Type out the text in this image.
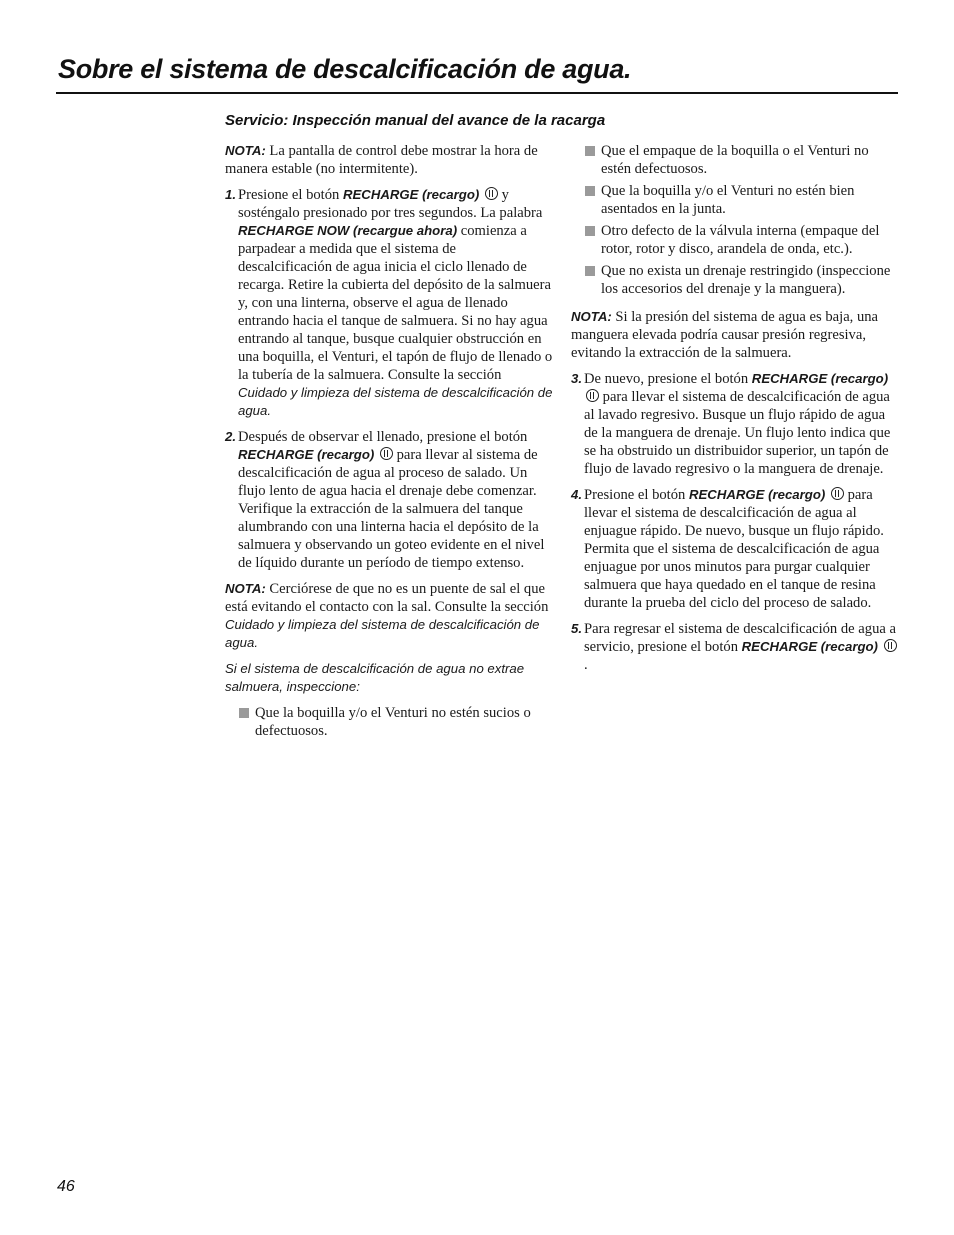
Sobre el sistema de descalcificación de agua.
Servicio: Inspección manual del avance de la racarga

NOTA: La pantalla de control debe mostrar la hora de manera estable (no intermitente).

1. Presione el botón RECHARGE (recargo)  y sosténgalo presionado por tres segundos. La palabra RECHARGE NOW (recargue ahora) comienza a parpadear a medida que el sistema de descalcificación de agua inicia el ciclo llenado de recarga. Retire la cubierta del depósito de la salmuera y, con una linterna, observe el agua de llenado entrando hacia el tanque de salmuera. Si no hay agua entrando al tanque, busque cualquier obstrucción en una boquilla, el Venturi, el tapón de flujo de llenado o la tubería de la salmuera. Consulte la sección Cuidado y limpieza del sistema de descalcificación de agua.
2. Después de observar el llenado, presione el botón RECHARGE (recargo)  para llevar al sistema de descalcificación de agua al proceso de salado. Un flujo lento de agua hacia el drenaje debe comenzar. Verifique la extracción de la salmuera del tanque alumbrando con una linterna hacia el depósito de la salmuera y observando un goteo evidente en el nivel de líquido durante un período de tiempo extenso.

NOTA: Cerciórese de que no es un puente de sal el que está evitando el contacto con la sal. Consulte la sección Cuidado y limpieza del sistema de descalcificación de agua.

Si el sistema de descalcificación de agua no extrae salmuera, inspeccione:

Que la boquilla y/o el Venturi no estén sucios o defectuosos.
Que el empaque de la boquilla o el Venturi no estén defectuosos.
Que la boquilla y/o el Venturi no estén bien asentados en la junta.
Otro defecto de la válvula interna (empaque del rotor, rotor y disco, arandela de onda, etc.).
Que no exista un drenaje restringido (inspeccione los accesorios del drenaje y la manguera).

NOTA: Si la presión del sistema de agua es baja, una manguera elevada podría causar presión regresiva, evitando la extracción de la salmuera.

3. De nuevo, presione el botón RECHARGE (recargo)  para llevar el sistema de descalcificación de agua al lavado regresivo. Busque un flujo rápido de agua de la manguera de drenaje. Un flujo lento indica que se ha obstruido un distribuidor superior, un tapón de flujo de lavado regresivo o la manguera de drenaje.
4. Presione el botón RECHARGE (recargo)  para llevar el sistema de descalcificación de agua al enjuague rápido. De nuevo, busque un flujo rápido. Permita que el sistema de descalcificación de agua enjuague por unos minutos para purgar cualquier salmuera que haya quedado en el tanque de resina durante la prueba del ciclo del proceso de salado.
5. Para regresar el sistema de descalcificación de agua a servicio, presione el botón RECHARGE (recargo)  .
46
